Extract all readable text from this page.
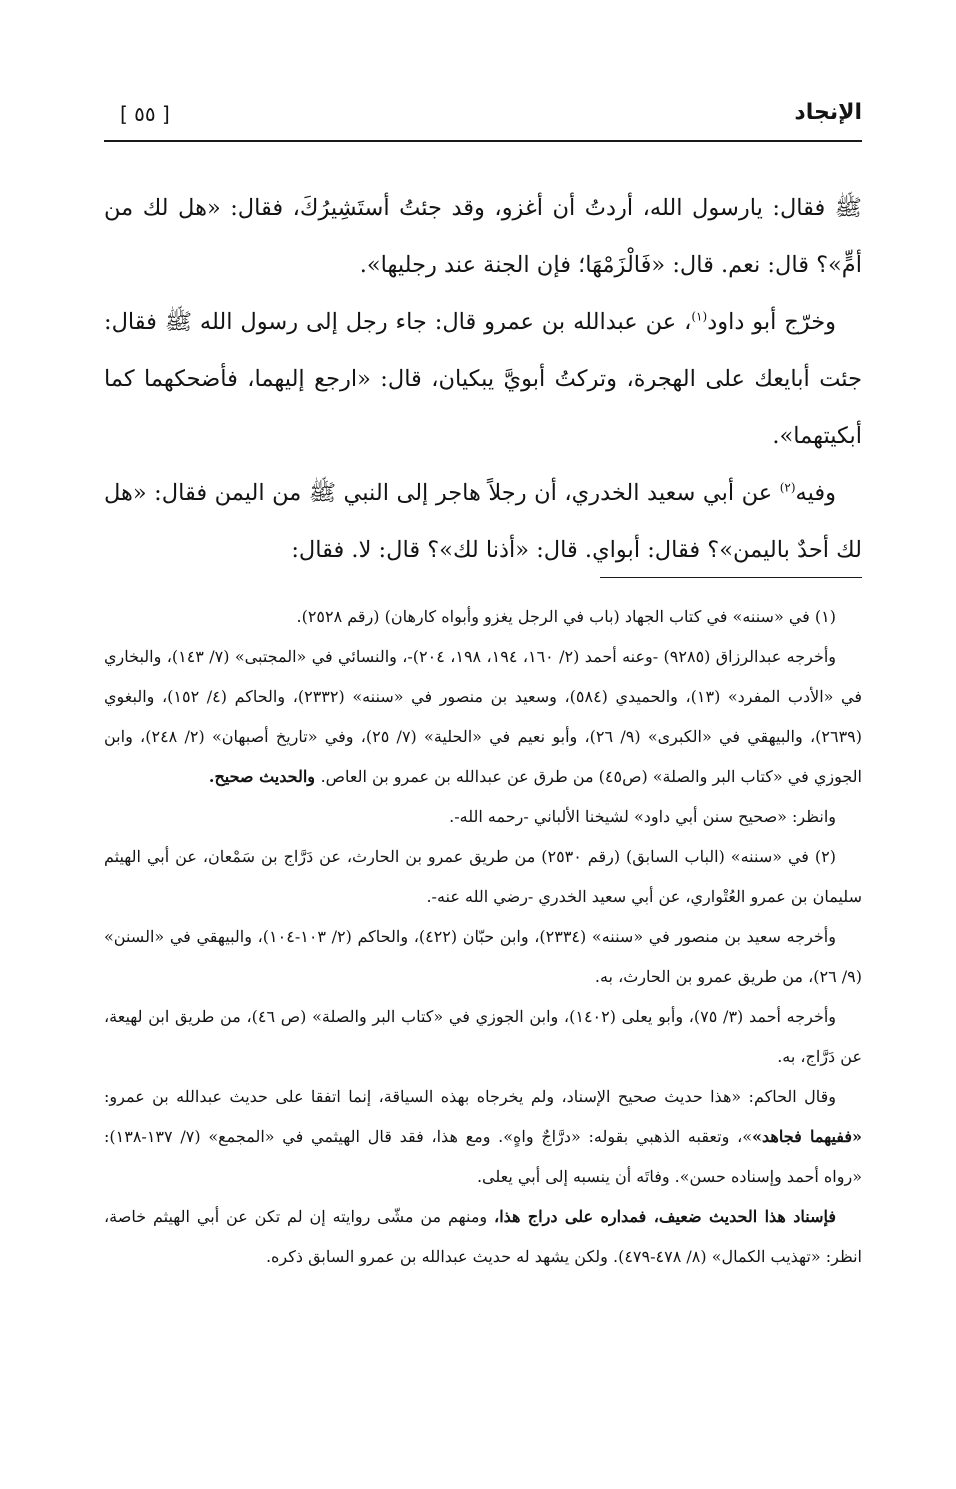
الإنجاد
[ ٥٥ ]

ﷺ فقال: يارسول الله، أردتُ أن أغزو، وقد جئتُ أستَشِيرُكَ، فقال: «هل لك من أمٍّ»؟ قال: نعم. قال: «فَالْزَمْهَا؛ فإن الجنة عند رجليها».

وخرّج أبو داود$^{(١)}$، عن عبدالله بن عمرو قال: جاء رجل إلى رسول الله ﷺ فقال: جئت أبايعك على الهجرة، وتركتُ أبويَّ يبكيان، قال: «ارجع إليهما، فأضحكهما كما أبكيتهما».

وفيه$^{(٢)}$ عن أبي سعيد الخدري، أن رجلاً هاجر إلى النبي ﷺ من اليمن فقال: «هل لك أحدٌ باليمن»؟ فقال: أبواي. قال: «أذنا لك»؟ قال: لا. فقال:

(١) في «سننه» في كتاب الجهاد (باب في الرجل يغزو وأبواه كارهان) (رقم ٢٥٢٨).

وأخرجه عبدالرزاق (٩٢٨٥) -وعنه أحمد (٢/ ١٦٠، ١٩٤، ١٩٨، ٢٠٤)-، والنسائي في «المجتبى» (٧/ ١٤٣)، والبخاري في «الأدب المفرد» (١٣)، والحميدي (٥٨٤)، وسعيد بن منصور في «سننه» (٢٣٣٢)، والحاكم (٤/ ١٥٢)، والبغوي (٢٦٣٩)، والبيهقي في «الكبرى» (٩/ ٢٦)، وأبو نعيم في «الحلية» (٧/ ٢٥)، وفي «تاريخ أصبهان» (٢/ ٢٤٨)، وابن الجوزي في «كتاب البر والصلة» (ص٤٥) من طرق عن عبدالله بن عمرو بن العاص. والحديث صحيح.

وانظر: «صحيح سنن أبي داود» لشيخنا الألباني -رحمه الله-.

(٢) في «سننه» (الباب السابق) (رقم ٢٥٣٠) من طريق عمرو بن الحارث، عن دَرَّاج بن سَمْعان، عن أبي الهيثم سليمان بن عمرو العُتْواري، عن أبي سعيد الخدري -رضي الله عنه-.

وأخرجه سعيد بن منصور في «سننه» (٢٣٣٤)، وابن حبّان (٤٢٢)، والحاكم (٢/ ١٠٣-١٠٤)، والبيهقي في «السنن» (٩/ ٢٦)، من طريق عمرو بن الحارث، به.

وأخرجه أحمد (٣/ ٧٥)، وأبو يعلى (١٤٠٢)، وابن الجوزي في «كتاب البر والصلة» (ص ٤٦)، من طريق ابن لهيعة، عن دَرَّاج، به.

وقال الحاكم: «هذا حديث صحيح الإسناد، ولم يخرجاه بهذه السياقة، إنما اتفقا على حديث عبدالله بن عمرو: «ففيهما فجاهد»»، وتعقبه الذهبي بقوله: «درَّاجٌ واهٍ». ومع هذا، فقد قال الهيثمي في «المجمع» (٧/ ١٣٧-١٣٨): «رواه أحمد وإسناده حسن». وفاتَه أن ينسبه إلى أبي يعلى.

فإسناد هذا الحديث ضعيف، فمداره على دراج هذا، ومنهم من مشّى روايته إن لم تكن عن أبي الهيثم خاصة، انظر: «تهذيب الكمال» (٨/ ٤٧٨-٤٧٩). ولكن يشهد له حديث عبدالله بن عمرو السابق ذكره.
